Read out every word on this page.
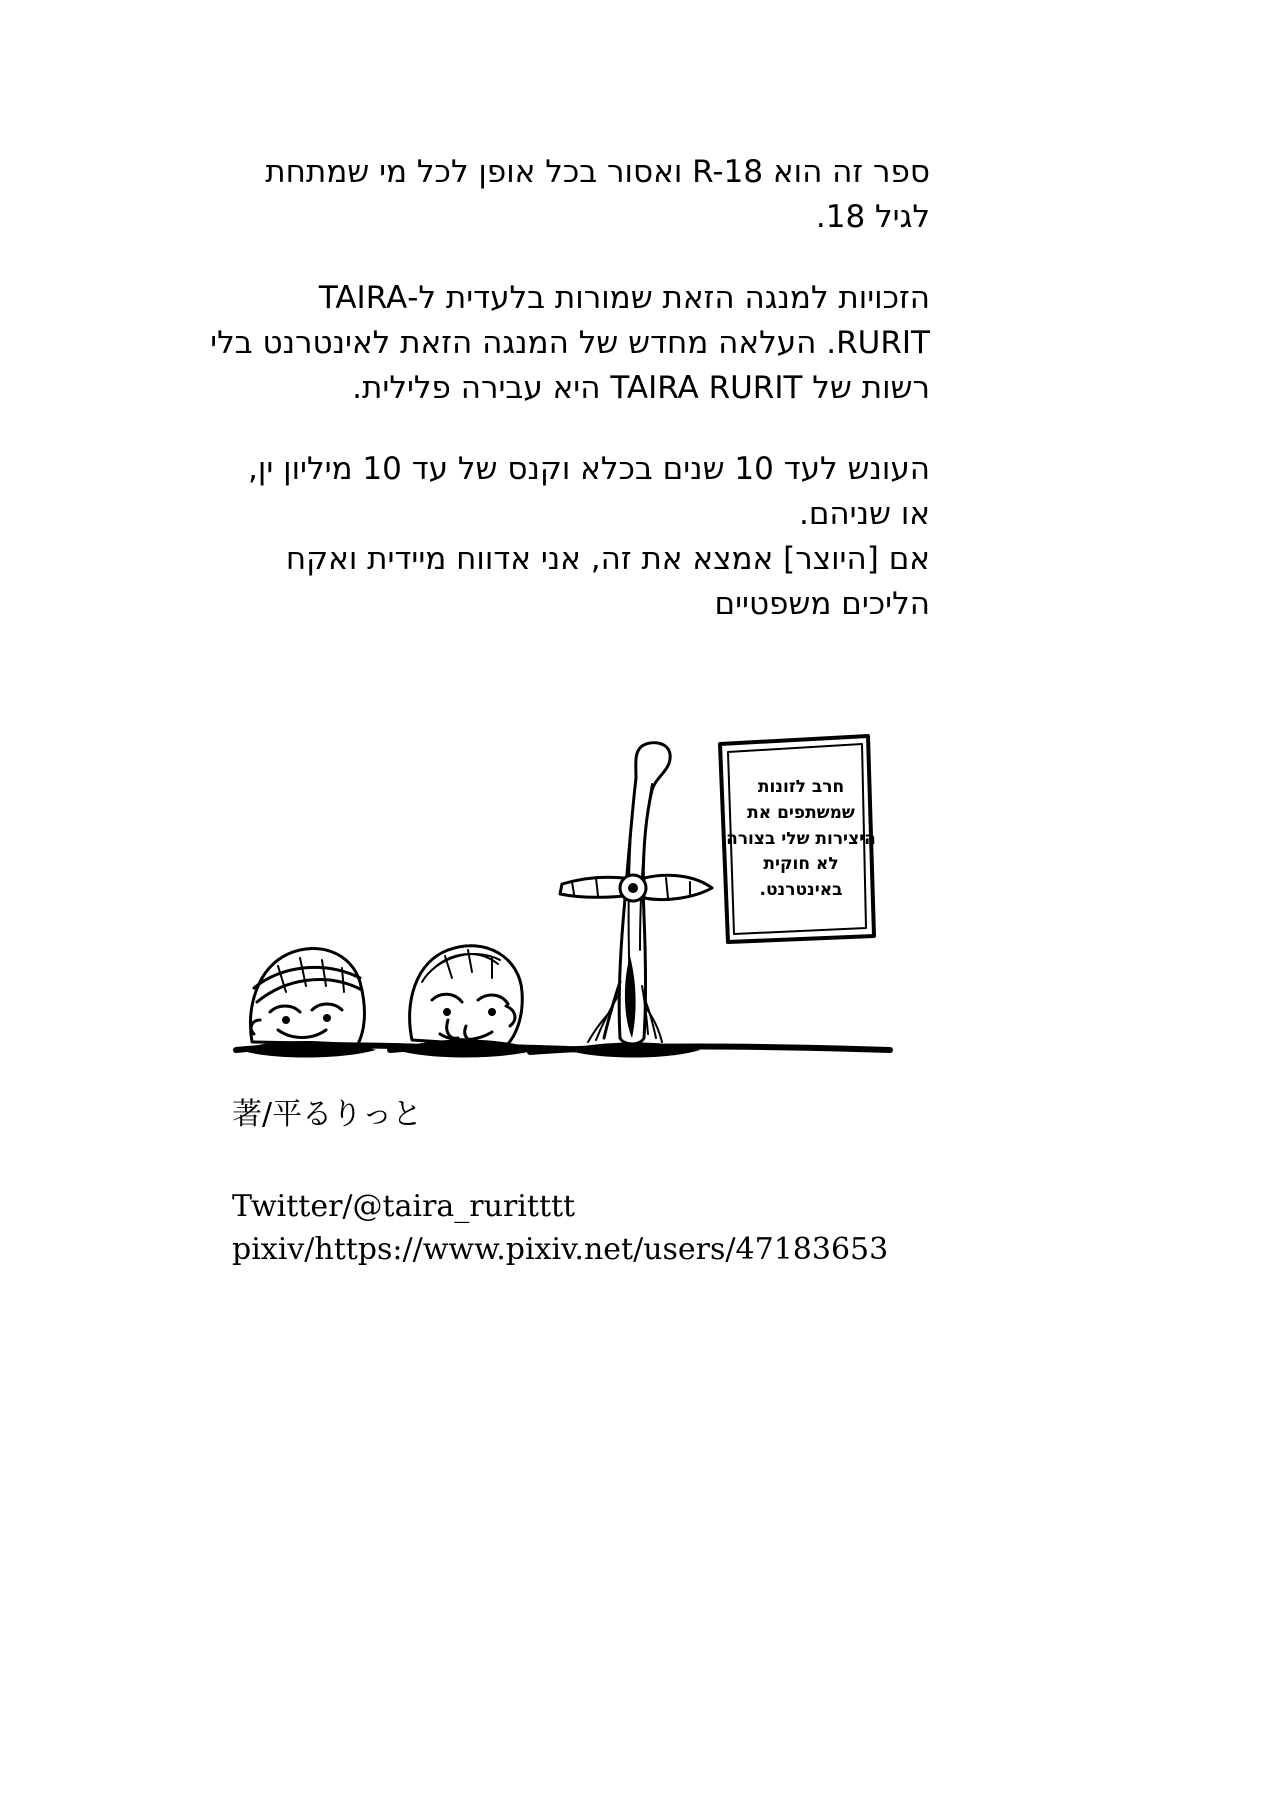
ספר זה הוא R-18 ואסור בכל אופן לכל מי שמתחת לגיל 18.

הזכויות למנגה הזאת שמורות בלעדית ל-TAIRA RURIT. העלאה מחדש של המנגה הזאת לאינטרנט בלי רשות של TAIRA RURIT היא עבירה פלילית.

העונש לעד 10 שנים בכלא וקנס של עד 10 מיליון ין, או שניהם.
אם [היוצר] אמצא את זה, אני אדווח מיידית ואקח הליכים משפטיים

חרב לזונות שמשתפים את היצירות שלי בצורה לא חוקית באינטרנט.
著/平るりっと
Twitter/@taira_ruritttt
pixiv/https://www.pixiv.net/users/47183653
